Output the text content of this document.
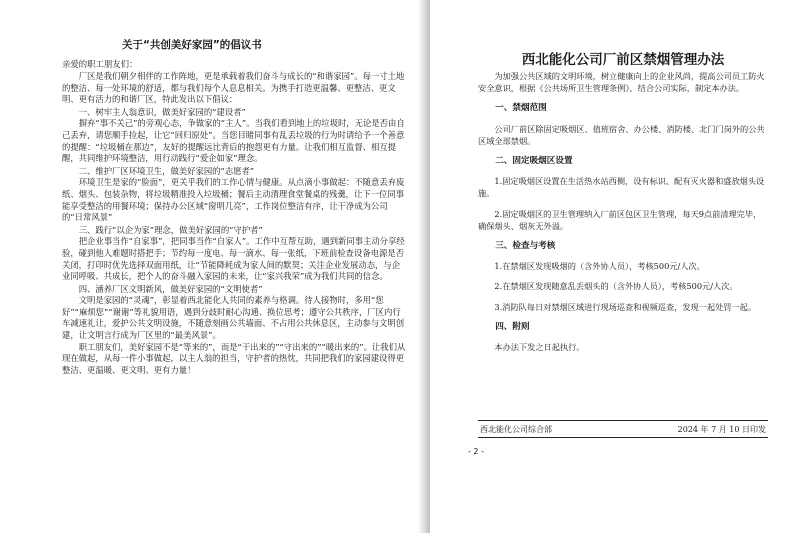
关于“共创美好家园”的倡议书
亲爱的职工朋友们：

厂区是我们朝夕相伴的工作阵地，更是承载着我们奋斗与成长的“和谐家园”。每一寸土地的整洁、每一处环境的舒适，都与我们每个人息息相关。为携手打造更温馨、更整洁、更文明、更有活力的和谐厂区，特此发出以下倡议：

一、树牢主人翁意识，做美好家园的“建设者”

摒弃“事不关己”的旁观心态，争做家的“主人”。当我们看到地上的垃圾时，无论是否由自己丢弃，请您顺手捡起，让它“回归原处”。当您目睹同事有乱丢垃圾的行为时请给予一个善意的提醒：“垃圾桶在那边”，友好的提醒远比背后的抱怨更有力量。让我们相互监督、相互提醒，共同维护环境整洁，用行动践行“爱企如家”理念。

二、维护厂区环境卫生，做美好家园的“志愿者”

环境卫生是家的“脸面”，更关乎我们的工作心情与健康。从点滴小事做起：不随意丢弃废纸、烟头、包装杂物，将垃圾精准投入垃圾桶；餐后主动清理食堂餐桌的残羹，让下一位同事能享受整洁的用餐环境；保持办公区域“窗明几亮”，工作岗位整洁有序，让干净成为公司的“日常风景”

三、践行“以企为家”理念，做美好家园的“守护者”

把企业事当作“自家事”，把同事当作“自家人”。工作中互帮互助，遇到新同事主动分享经验，碰到他人难题时搭把手；节约每一度电、每一滴水、每一张纸，下班前检查设备电源是否关闭，打印时优先选择双面用纸，让“节能降耗成为家人间的默契；关注企业发展动态，与企业同呼吸、共成长，把个人的奋斗融入家园的未来，让“家兴我荣”成为我们共同的信念。

四、涵养厂区文明新风，做美好家园的“文明使者”

文明是家园的“灵魂”，彰显着西北能化人共同的素养与格调。待人接物时，多用“您好”“麻烦您”“谢谢”等礼貌用语，遇到分歧时耐心沟通、换位思考；遵守公共秩序，厂区内行车减速礼让，爱护公共文明设施，不随意刻画公共墙面、不占用公共休息区，主动参与文明创建，让文明言行成为厂区里的“最美风景”。

职工朋友们，美好家园不是“等来的”，而是“干出来的”“守出来的”“暖出来的”。让我们从现在做起，从每一件小事做起，以主人翁的担当，守护者的热忱，共同把我们的家园建设得更整洁、更温暖、更文明、更有力量！

西北能化公司厂前区禁烟管理办法

为加强公共区域的文明环境，树立健康向上的企业风尚，提高公司员工防火安全意识，根据《公共场所卫生管理条例》，结合公司实际，制定本办法。

一、禁烟范围

公司厂前区除固定吸烟区、值班宿舍、办公楼、消防楼、北门门岗外的公共区域全部禁烟。

二、固定吸烟区设置

1.固定吸烟区设置在生活热水站西侧，设有标识、配有灭火器和盛放烟头设施。

2.固定吸烟区的卫生管理纳入厂前区包区卫生管理，每天9点前清理完毕，确保烟头、烟灰无外溢。

三、检查与考核

1.在禁烟区发现吸烟的（含外协人员），考核500元/人次。

2.在禁烟区发现随意乱丢烟头的（含外协人员），考核500元/人次。

3.消防队每日对禁烟区域进行现场巡查和视频巡查，发现一起处罚一起。

四、附则

本办法下发之日起执行。

西北能化公司综合部	2024 年 7 月 10 日印发
- 2 -
